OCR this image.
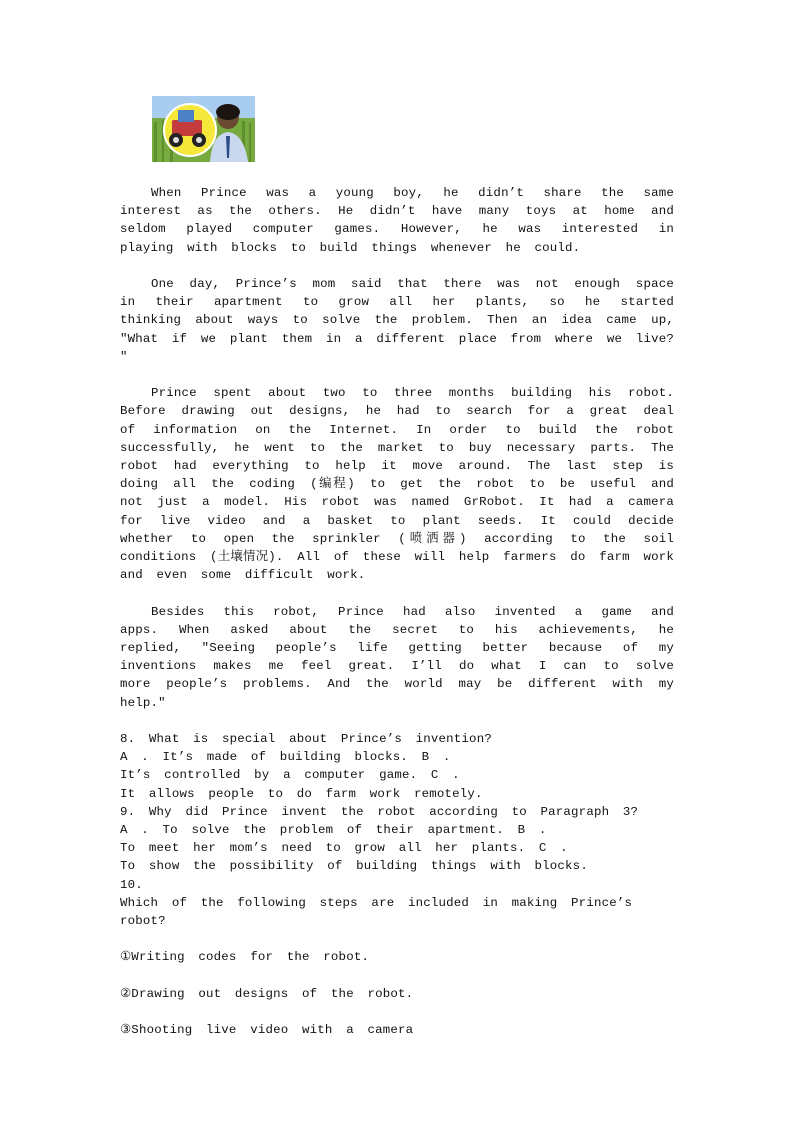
When Prince was a young boy, he didn’t share the same interest as the others. He didn’t have many toys at home and seldom played computer games. However, he was interested in playing with blocks to build things whenever he could.

One day, Prince’s mom said that there was not enough space in their apartment to grow all her plants, so he started thinking about ways to solve the problem. Then an idea came up, ″What if we plant them in a different place from where we live?″

Prince spent about two to three months building his robot. Before drawing out designs, he had to search for a great deal of information on the Internet. In order to build the robot successfully, he went to the market to buy necessary parts. The robot had everything to help it move around. The last step is doing all the coding (编程) to get the robot to be useful and not just a model. His robot was named GrRobot. It had a camera for live video and a basket to plant seeds. It could decide whether to open the sprinkler (喷洒器) according to the soil conditions (土壤情况). All of these will help farmers do farm work and even some difficult work.

Besides this robot, Prince had also invented a game and apps. When asked about the secret to his achievements, he replied, ″Seeing people’s life getting better because of my inventions makes me feel great. I’ll do what I can to solve more people’s problems. And the world may be different with my help.″

8. What is special about Prince’s invention?

A . It’s made of building blocks. B .

It’s controlled by a computer game. C .

It allows people to do farm work remotely.

9. Why did Prince invent the robot according to Paragraph 3?

A . To solve the problem of their apartment. B .

To meet her mom’s need to grow all her plants. C .

To show the possibility of building things with blocks.

10.

Which of the following steps are included in making Prince’s robot?

①Writing codes for the robot.

②Drawing out designs of the robot.

③Shooting live video with a camera
